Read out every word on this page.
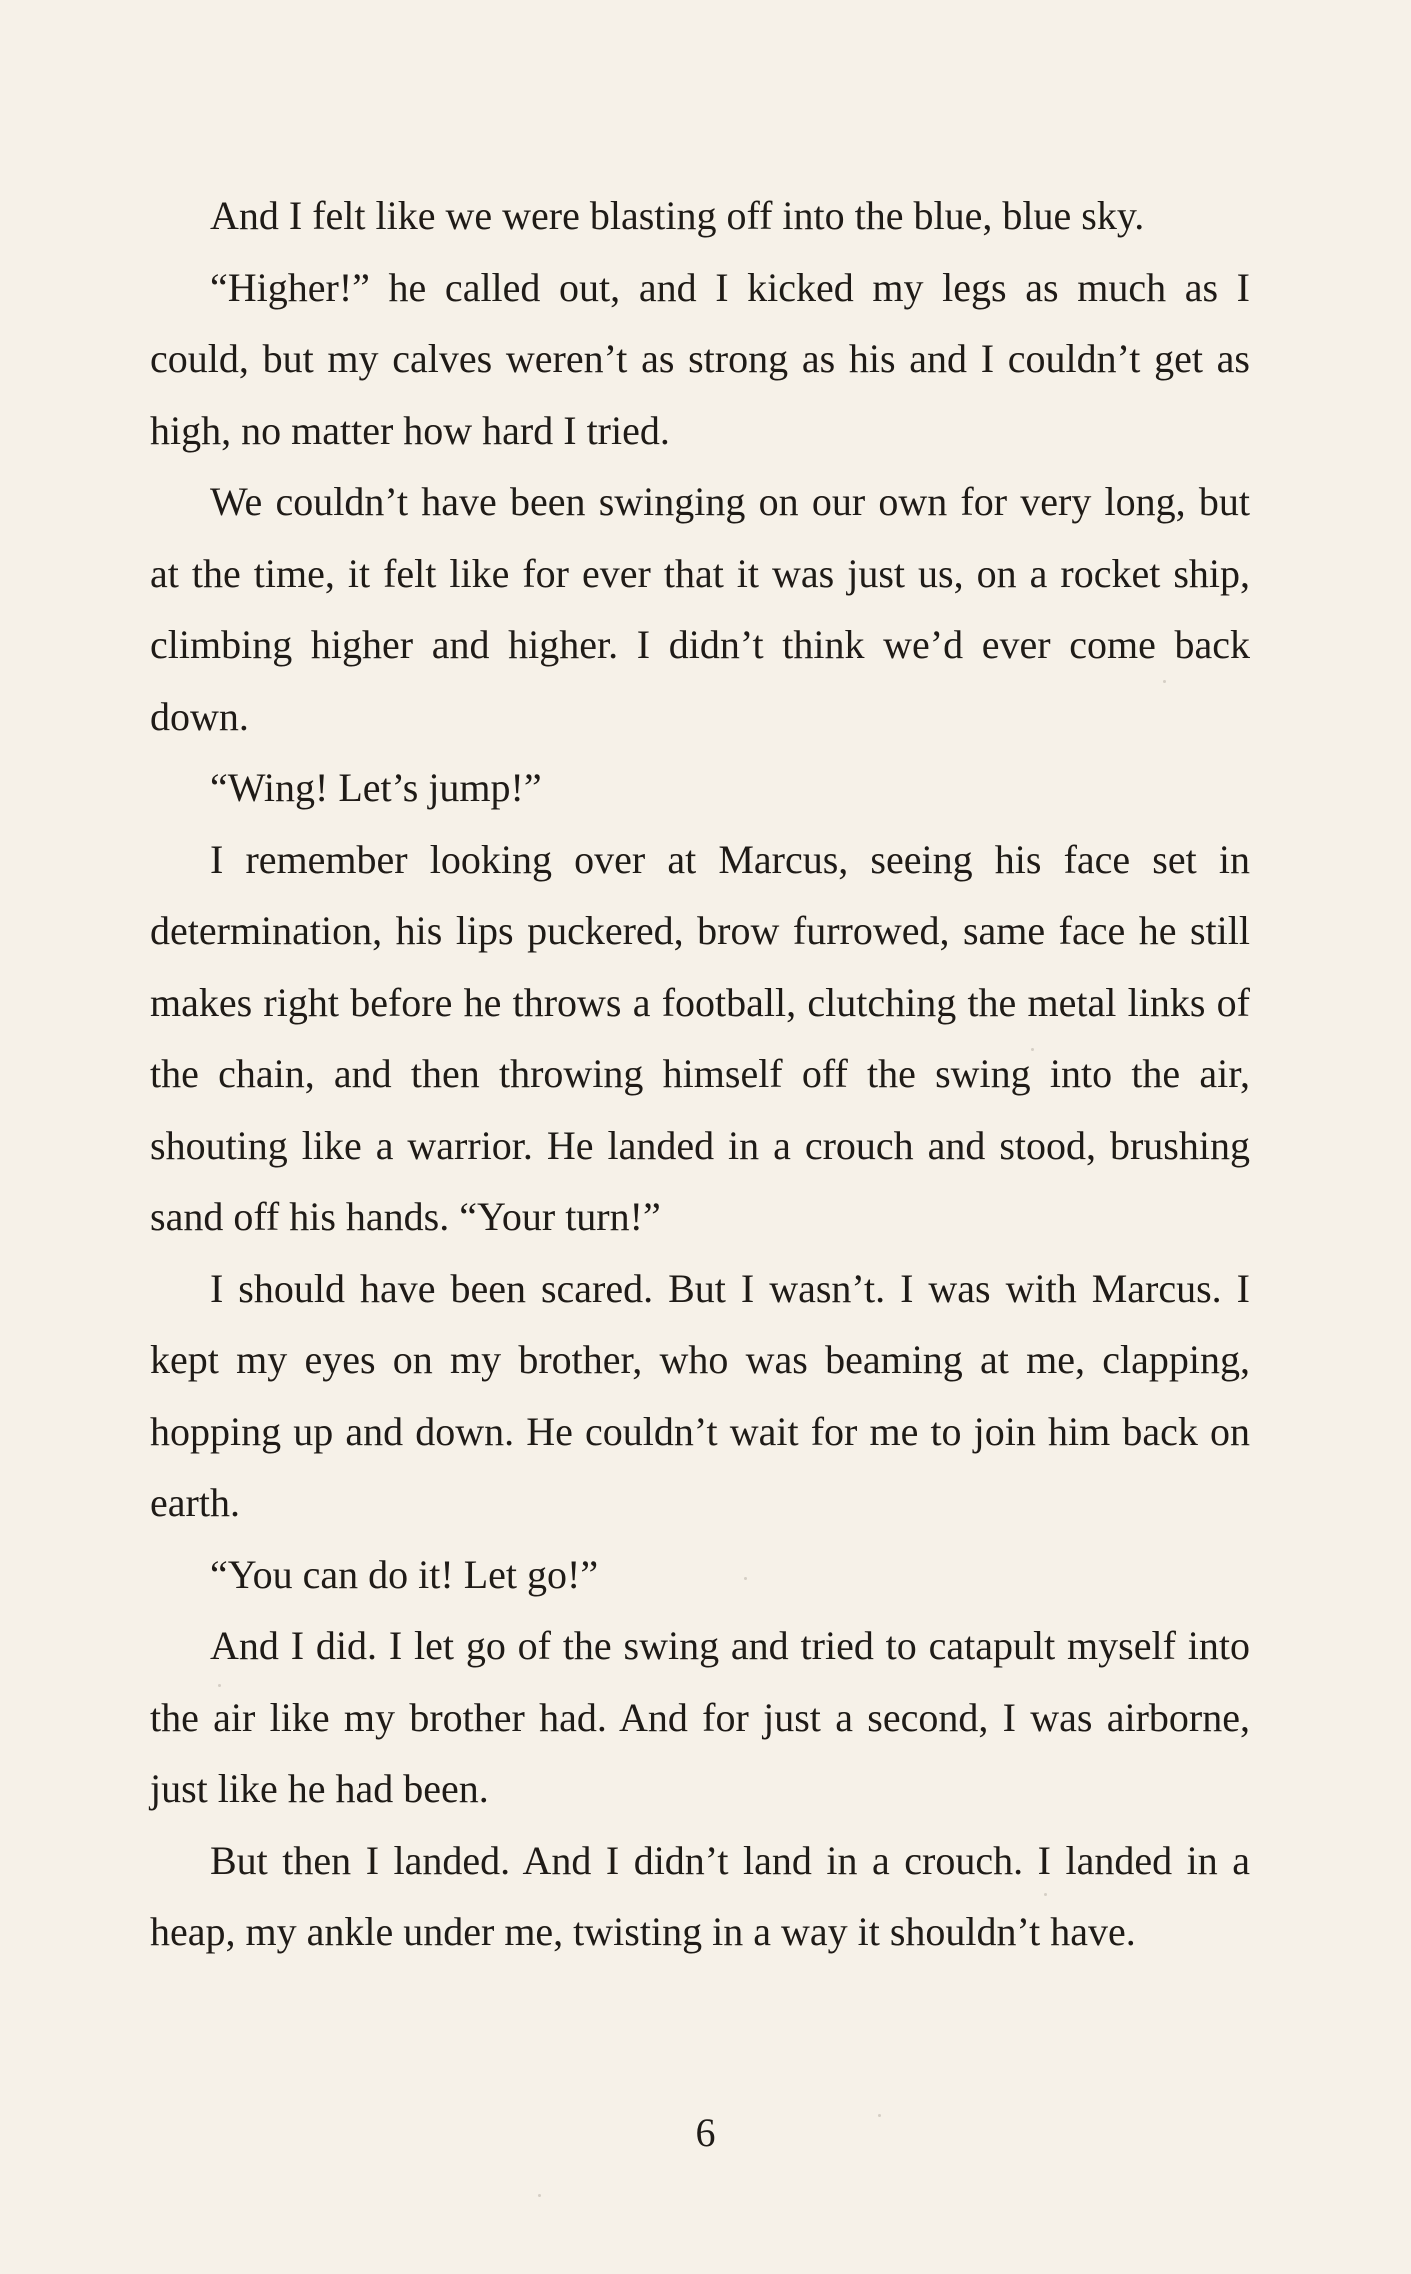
And I felt like we were blasting off into the blue, blue sky.

“Higher!” he called out, and I kicked my legs as much as I could, but my calves weren’t as strong as his and I couldn’t get as high, no matter how hard I tried.

We couldn’t have been swinging on our own for very long, but at the time, it felt like for ever that it was just us, on a rocket ship, climbing higher and higher. I didn’t think we’d ever come back down.

“Wing! Let’s jump!”

I remember looking over at Marcus, seeing his face set in determination, his lips puckered, brow furrowed, same face he still makes right before he throws a football, clutching the metal links of the chain, and then throwing himself off the swing into the air, shouting like a warrior. He landed in a crouch and stood, brushing sand off his hands. “Your turn!”

I should have been scared. But I wasn’t. I was with Marcus. I kept my eyes on my brother, who was beaming at me, clapping, hopping up and down. He couldn’t wait for me to join him back on earth.

“You can do it! Let go!”

And I did. I let go of the swing and tried to catapult myself into the air like my brother had. And for just a second, I was airborne, just like he had been.

But then I landed. And I didn’t land in a crouch. I landed in a heap, my ankle under me, twisting in a way it shouldn’t have.

6
